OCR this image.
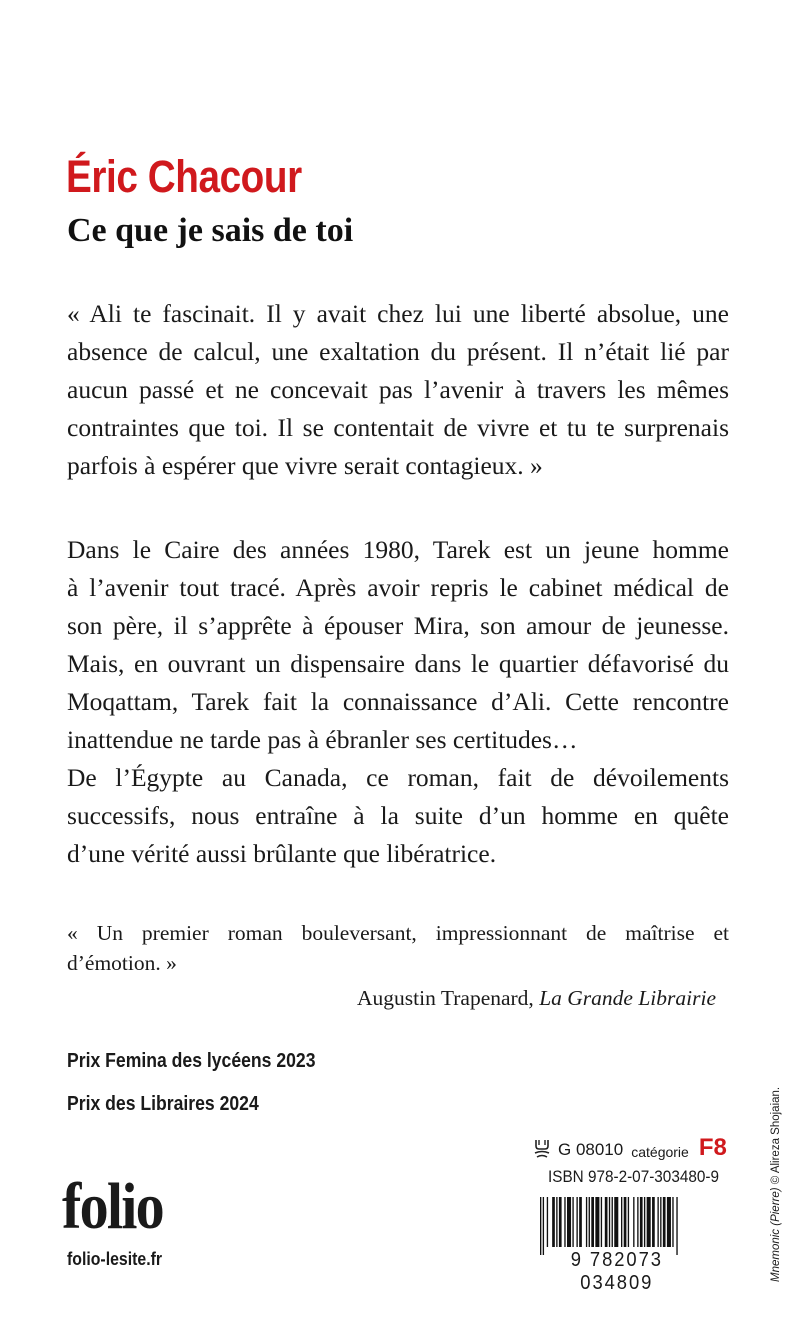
Éric Chacour
Ce que je sais de toi
« Ali te fascinait. Il y avait chez lui une liberté absolue, une
absence de calcul, une exaltation du présent. Il n’était lié par
aucun passé et ne concevait pas l’avenir à travers les mêmes
contraintes que toi. Il se contentait de vivre et tu te surprenais
parfois à espérer que vivre serait contagieux. »
Dans le Caire des années 1980, Tarek est un jeune homme
à l’avenir tout tracé. Après avoir repris le cabinet médical de
son père, il s’apprête à épouser Mira, son amour de jeunesse.
Mais, en ouvrant un dispensaire dans le quartier défavorisé du
Moqattam, Tarek fait la connaissance d’Ali. Cette rencontre
inattendue ne tarde pas à ébranler ses certitudes…
De l’Égypte au Canada, ce roman, fait de dévoilements
successifs, nous entraîne à la suite d’un homme en quête
d’une vérité aussi brûlante que libératrice.
« Un premier roman bouleversant, impressionnant de maîtrise et
d’émotion. »
Augustin Trapenard, La Grande Librairie

Prix Femina des lycéens 2023

Prix des Libraires 2024

folio

folio-lesite.fr

G 08010 catégorie F8
ISBN 978-2-07-303480-9
9 782073 034809
Mnemonic (Pierre) © Alireza Shojaian.
